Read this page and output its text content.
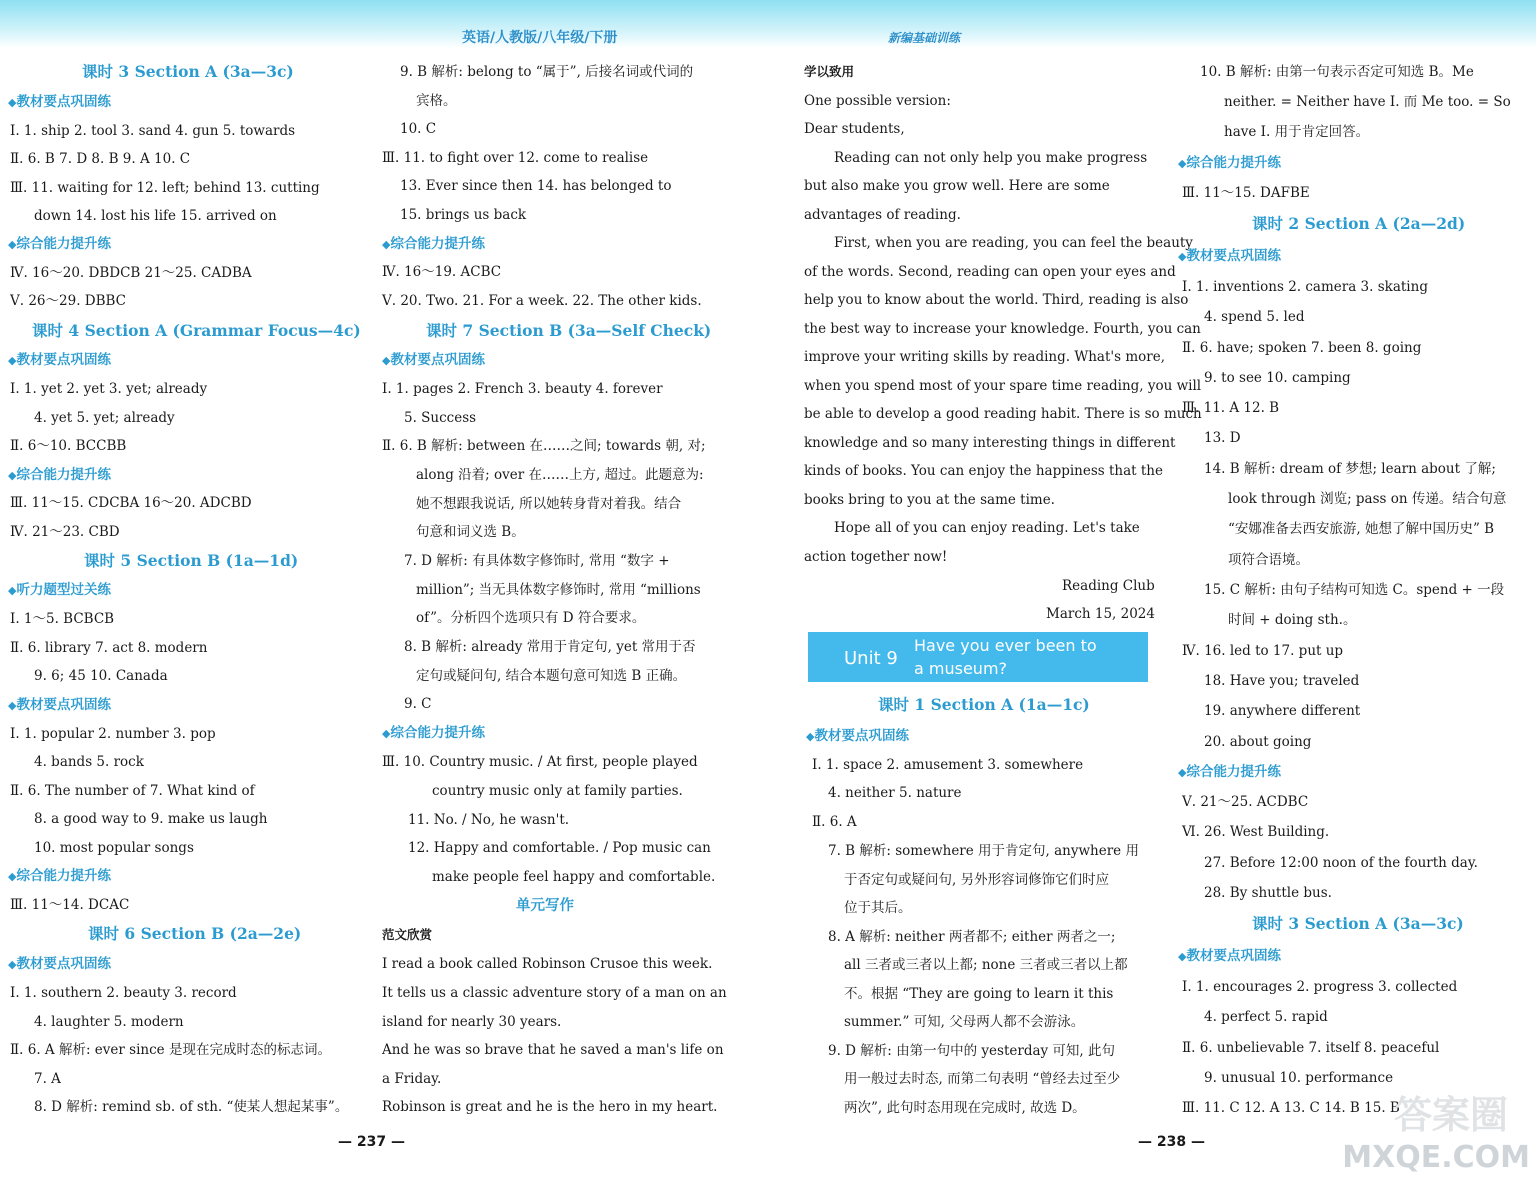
英语/人教版/八年级/下册	新编基础训练
课时 3 Section A (3a—3c)
◆ 教材要点巩固练
Ⅰ. 1. ship 2. tool 3. sand 4. gun 5. towards
Ⅱ. 6. B 7. D 8. B 9. A 10. C
Ⅲ. 11. waiting for 12. left; behind 13. cutting
down 14. lost his life 15. arrived on
◆ 综合能力提升练
Ⅳ. 16～20. DBDCB 21～25. CADBA
Ⅴ. 26～29. DBBC
课时 4 Section A (Grammar Focus—4c)
◆ 教材要点巩固练
Ⅰ. 1. yet 2. yet 3. yet; already
4. yet 5. yet; already
Ⅱ. 6～10. BCCBB
◆ 综合能力提升练
Ⅲ. 11～15. CDCBA 16～20. ADCBD
Ⅳ. 21～23. CBD
课时 5 Section B (1a—1d)
◆ 听力题型过关练
Ⅰ. 1～5. BCBCB
Ⅱ. 6. library 7. act 8. modern
9. 6; 45 10. Canada
◆ 教材要点巩固练
Ⅰ. 1. popular 2. number 3. pop
4. bands 5. rock
Ⅱ. 6. The number of 7. What kind of
8. a good way to 9. make us laugh
10. most popular songs
◆ 综合能力提升练
Ⅲ. 11～14. DCAC
课时 6 Section B (2a—2e)
◆ 教材要点巩固练
Ⅰ. 1. southern 2. beauty 3. record
4. laughter 5. modern
Ⅱ. 6. A 解析: ever since 是现在完成时态的标志词。
7. A
8. D 解析: remind sb. of sth. “使某人想起某事”。
9. B 解析: belong to “属于”, 后接名词或代词的
宾格。
10. C
Ⅲ. 11. to fight over 12. come to realise
13. Ever since then 14. has belonged to
15. brings us back
◆ 综合能力提升练
Ⅳ. 16～19. ACBC
Ⅴ. 20. Two. 21. For a week. 22. The other kids.
课时 7 Section B (3a—Self Check)
◆ 教材要点巩固练
Ⅰ. 1. pages 2. French 3. beauty 4. forever
5. Success
Ⅱ. 6. B 解析: between 在……之间; towards 朝, 对;
along 沿着; over 在……上方, 超过。此题意为:
她不想跟我说话, 所以她转身背对着我。结合
句意和词义选 B。
7. D 解析: 有具体数字修饰时, 常用 “数字 +
million”; 当无具体数字修饰时, 常用 “millions
of”。分析四个选项只有 D 符合要求。
8. B 解析: already 常用于肯定句, yet 常用于否
定句或疑问句, 结合本题句意可知选 B 正确。
9. C
◆ 综合能力提升练
Ⅲ. 10. Country music. / At first, people played
country music only at family parties.
11. No. / No, he wasn't.
12. Happy and comfortable. / Pop music can
make people feel happy and comfortable.
单元写作
范文欣赏
I read a book called Robinson Crusoe this week.
It tells us a classic adventure story of a man on an
island for nearly 30 years.
And he was so brave that he saved a man's life on
a Friday.
Robinson is great and he is the hero in my heart.
学以致用
One possible version:
Dear students,
Reading can not only help you make progress
but also make you grow well. Here are some
advantages of reading.
First, when you are reading, you can feel the beauty
of the words. Second, reading can open your eyes and
help you to know about the world. Third, reading is also
the best way to increase your knowledge. Fourth, you can
improve your writing skills by reading. What's more,
when you spend most of your spare time reading, you will
be able to develop a good reading habit. There is so much
knowledge and so many interesting things in different
kinds of books. You can enjoy the happiness that the
books bring to you at the same time.
Hope all of you can enjoy reading. Let's take
action together now!
Reading Club
March 15, 2024
课时 1 Section A (1a—1c)
◆ 教材要点巩固练
Ⅰ. 1. space 2. amusement 3. somewhere
4. neither 5. nature
Ⅱ. 6. A
7. B 解析: somewhere 用于肯定句, anywhere 用
于否定句或疑问句, 另外形容词修饰它们时应
位于其后。
8. A 解析: neither 两者都不; either 两者之一;
all 三者或三者以上都; none 三者或三者以上都
不。根据 “They are going to learn it this
summer.” 可知, 父母两人都不会游泳。
9. D 解析: 由第一句中的 yesterday 可知, 此句
用一般过去时态, 而第二句表明 “曾经去过至少
两次”, 此句时态用现在完成时, 故选 D。
10. B 解析: 由第一句表示否定可知选 B。Me
neither. = Neither have I. 而 Me too. = So
have I. 用于肯定回答。
◆ 综合能力提升练
Ⅲ. 11～15. DAFBE
课时 2 Section A (2a—2d)
◆ 教材要点巩固练
Ⅰ. 1. inventions 2. camera 3. skating
4. spend 5. led
Ⅱ. 6. have; spoken 7. been 8. going
9. to see 10. camping
Ⅲ. 11. A 12. B
13. D
14. B 解析: dream of 梦想; learn about 了解;
look through 浏览; pass on 传递。结合句意
“安娜准备去西安旅游, 她想了解中国历史” B
项符合语境。
15. C 解析: 由句子结构可知选 C。spend + 一段
时间 + doing sth.。
Ⅳ. 16. led to 17. put up
18. Have you; traveled
19. anywhere different
20. about going
◆ 综合能力提升练
Ⅴ. 21～25. ACDBC
Ⅵ. 26. West Building.
27. Before 12:00 noon of the fourth day.
28. By shuttle bus.
课时 3 Section A (3a—3c)
◆ 教材要点巩固练
Ⅰ. 1. encourages 2. progress 3. collected
4. perfect 5. rapid
Ⅱ. 6. unbelievable 7. itself 8. peaceful
9. unusual 10. performance
Ⅲ. 11. C 12. A 13. C 14. B 15. B
Unit 9
Have you ever been to
a museum?
— 237 —	— 238 —
答案圈
MXQE.COM
